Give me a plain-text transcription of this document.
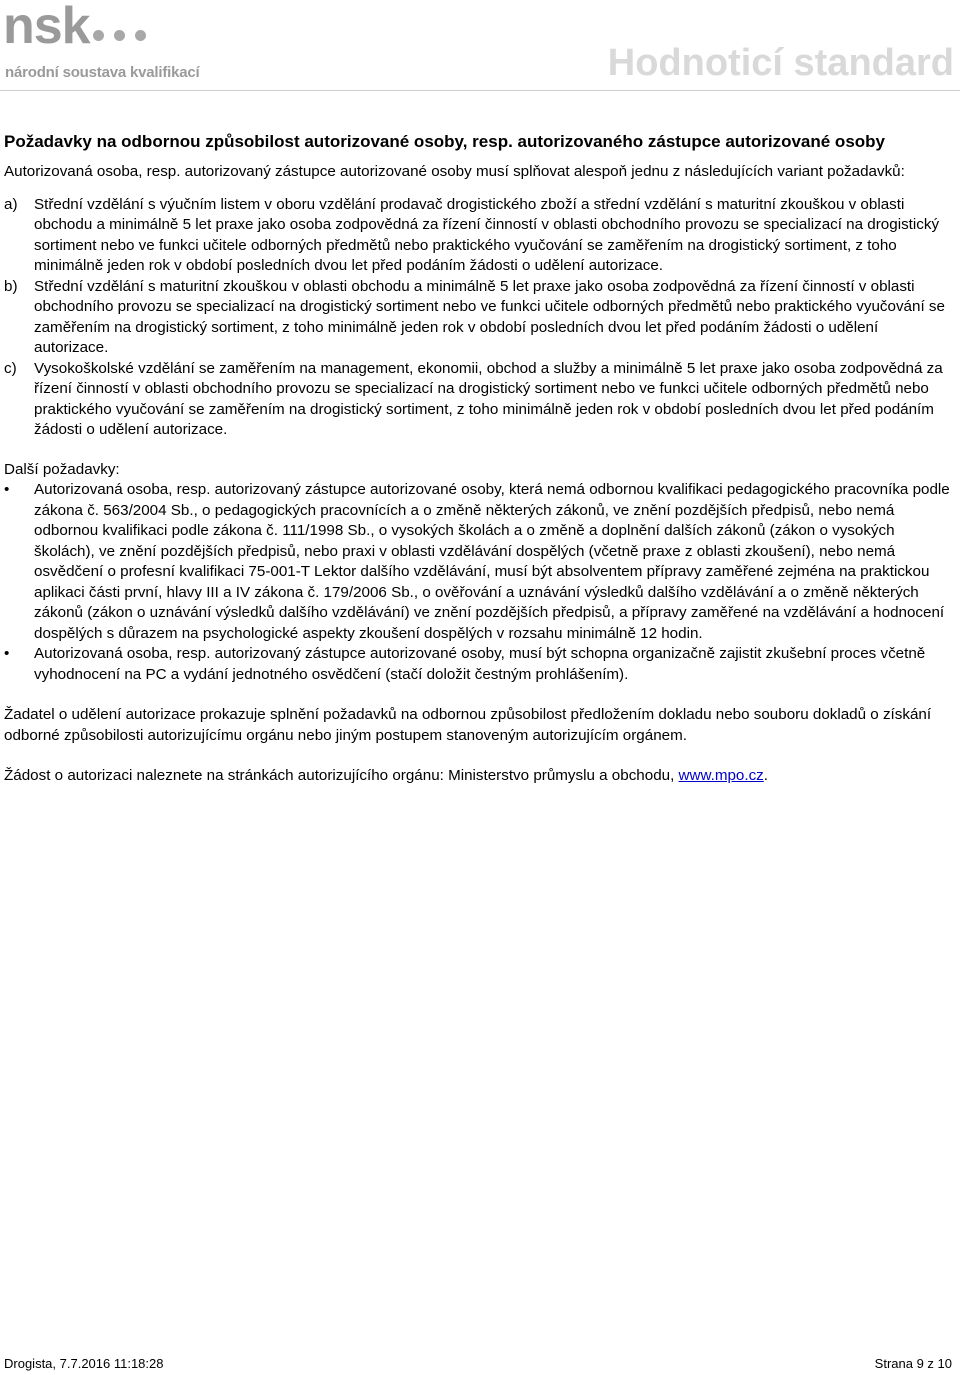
nsk
národní soustava kvalifikací	Hodnoticí standard
Požadavky na odbornou způsobilost autorizované osoby, resp. autorizovaného zástupce autorizované osoby

Autorizovaná osoba, resp. autorizovaný zástupce autorizované osoby musí splňovat alespoň jednu z následujících variant požadavků:

a) Střední vzdělání s výučním listem v oboru vzdělání prodavač drogistického zboží a střední vzdělání s maturitní zkouškou v oblasti obchodu a minimálně 5 let praxe jako osoba zodpovědná za řízení činností v oblasti obchodního provozu se specializací na drogistický sortiment nebo ve funkci učitele odborných předmětů nebo praktického vyučování se zaměřením na drogistický sortiment, z toho minimálně jeden rok v období posledních dvou let před podáním žádosti o udělení autorizace.
b) Střední vzdělání s maturitní zkouškou v oblasti obchodu a minimálně 5 let praxe jako osoba zodpovědná za řízení činností v oblasti obchodního provozu se specializací na drogistický sortiment nebo ve funkci učitele odborných předmětů nebo praktického vyučování se zaměřením na drogistický sortiment, z toho minimálně jeden rok v období posledních dvou let před podáním žádosti o udělení autorizace.
c) Vysokoškolské vzdělání se zaměřením na management, ekonomii, obchod a služby a minimálně 5 let praxe jako osoba zodpovědná za řízení činností v oblasti obchodního provozu se specializací na drogistický sortiment nebo ve funkci učitele odborných předmětů nebo praktického vyučování se zaměřením na drogistický sortiment, z toho minimálně jeden rok v období posledních dvou let před podáním žádosti o udělení autorizace.

Další požadavky:

• Autorizovaná osoba, resp. autorizovaný zástupce autorizované osoby, která nemá odbornou kvalifikaci pedagogického pracovníka podle zákona č. 563/2004 Sb., o pedagogických pracovnících a o změně některých zákonů, ve znění pozdějších předpisů, nebo nemá odbornou kvalifikaci podle zákona č. 111/1998 Sb., o vysokých školách a o změně a doplnění dalších zákonů (zákon o vysokých školách), ve znění pozdějších předpisů, nebo praxi v oblasti vzdělávání dospělých (včetně praxe z oblasti zkoušení), nebo nemá osvědčení o profesní kvalifikaci 75-001-T Lektor dalšího vzdělávání, musí být absolventem přípravy zaměřené zejména na praktickou aplikaci části první, hlavy III a IV zákona č. 179/2006 Sb., o ověřování a uznávání výsledků dalšího vzdělávání a o změně některých zákonů (zákon o uznávání výsledků dalšího vzdělávání) ve znění pozdějších předpisů, a přípravy zaměřené na vzdělávání a hodnocení dospělých s důrazem na psychologické aspekty zkoušení dospělých v rozsahu minimálně 12 hodin.
• Autorizovaná osoba, resp. autorizovaný zástupce autorizované osoby, musí být schopna organizačně zajistit zkušební proces včetně vyhodnocení na PC a vydání jednotného osvědčení (stačí doložit čestným prohlášením).

Žadatel o udělení autorizace prokazuje splnění požadavků na odbornou způsobilost předložením dokladu nebo souboru dokladů o získání odborné způsobilosti autorizujícímu orgánu nebo jiným postupem stanoveným autorizujícím orgánem.

Žádost o autorizaci naleznete na stránkách autorizujícího orgánu: Ministerstvo průmyslu a obchodu, www.mpo.cz.

Drogista, 7.7.2016 11:18:28	Strana 9 z 10
